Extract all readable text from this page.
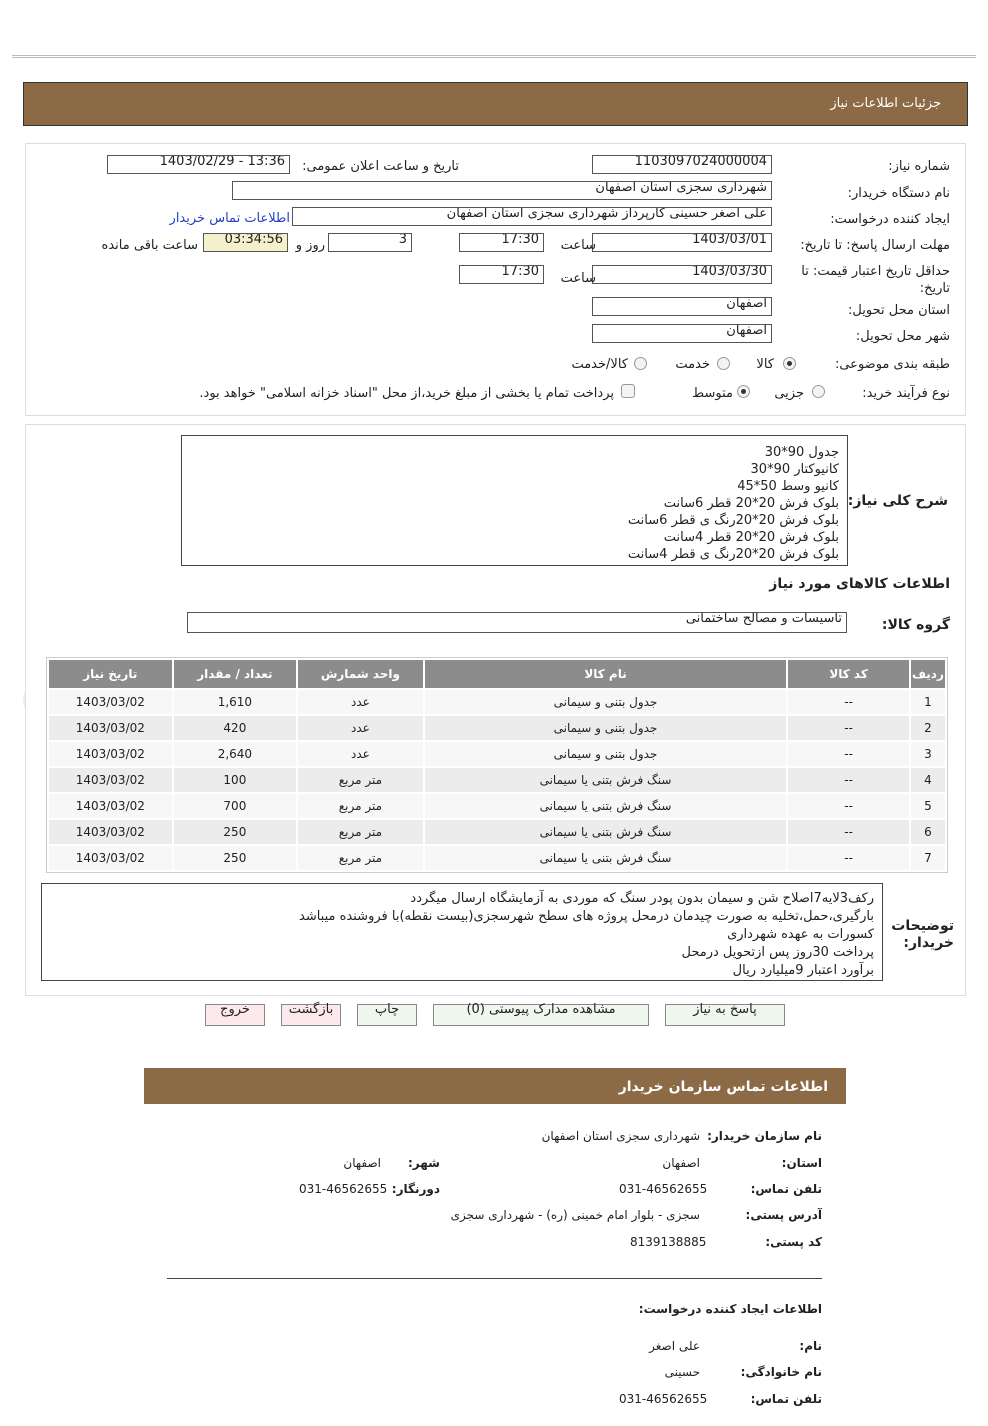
جزئیات اطلاعات نیاز
شماره نیاز:
1103097024000004
تاریخ و ساعت اعلان عمومی:
1403/02/29 - 13:36
نام دستگاه خریدار:
شهرداری سجزی استان اصفهان
ایجاد کننده درخواست:
علی اصغر حسینی کارپرداز شهرداری سجزی استان اصفهان
اطلاعات تماس خریدار
مهلت ارسال پاسخ: تا تاریخ:
1403/03/01
ساعت
17:30
3
روز و
03:34:56
ساعت باقی مانده
حداقل تاریخ اعتبار قیمت: تا تاریخ:
1403/03/30
ساعت
17:30
استان محل تحویل:
اصفهان
شهر محل تحویل:
اصفهان
طبقه بندی موضوعی:
کالا
خدمت
کالا/خدمت
نوع فرآیند خرید:
جزیی
متوسط
پرداخت تمام یا بخشی از مبلغ خرید،از محل "اسناد خزانه اسلامی" خواهد بود.
شرح کلی نیاز:
جدول 90*30
کانیوکتار 90*30
کانیو وسط 50*45
بلوک فرش 20*20 قطر 6سانت
بلوک فرش 20*20رنگ ی قطر 6سانت
بلوک فرش 20*20 قطر 4سانت
بلوک فرش 20*20رنگ ی قطر 4سانت
اطلاعات کالاهای مورد نیاز
گروه کالا:
تاسیسات و مصالح ساختمانی
ردیف	کد کالا	نام کالا	واحد شمارش	تعداد / مقدار	تاریخ نیاز
1	--	جدول بتنی و سیمانی	عدد	1,610	1403/03/02
2	--	جدول بتنی و سیمانی	عدد	420	1403/03/02
3	--	جدول بتنی و سیمانی	عدد	2,640	1403/03/02
4	--	سنگ فرش بتنی یا سیمانی	متر مربع	100	1403/03/02
5	--	سنگ فرش بتنی یا سیمانی	متر مربع	700	1403/03/02
6	--	سنگ فرش بتنی یا سیمانی	متر مربع	250	1403/03/02
7	--	سنگ فرش بتنی یا سیمانی	متر مربع	250	1403/03/02
توضیحات خریدار:
رکف3لایه7اصلاح شن و سیمان بدون پودر سنگ که موردی به آزمایشگاه ارسال میگردد
بارگیری،حمل،تخلیه به صورت چیدمان درمحل پروژه های سطح شهرسجزی(بیست نقطه)با فروشنده میباشد
کسورات به عهده شهرداری
پرداخت 30روز پس ازتحویل درمحل
برآورد اعتبار 9میلیارد ریال
پاسخ به نیاز
مشاهده مدارک پیوستی (0)
چاپ
بازگشت
خروج
اطلاعات تماس سازمان خریدار
نام سازمان خریدار:
شهرداری سجزی استان اصفهان
استان:
اصفهان
شهر:
اصفهان
تلفن تماس:
031-46562655
دورنگار:
031-46562655
آدرس پستی:
سجزی - بلوار امام خمینی (ره) - شهرداری سجزی
کد پستی:
8139138885
اطلاعات ایجاد کننده درخواست:
نام:
علی اصغر
نام خانوادگی:
حسینی
تلفن تماس:
031-46562655
